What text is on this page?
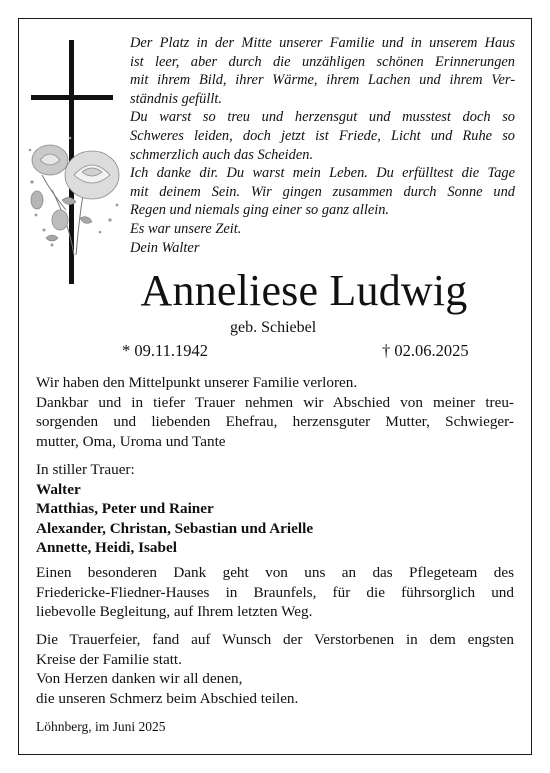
Der Platz in der Mitte unserer Familie und in unserem Haus
ist leer, aber durch die unzähligen schönen Erinnerungen
mit ihrem Bild, ihrer Wärme, ihrem Lachen und ihrem Ver-
ständnis gefüllt.
Du warst so treu und herzensgut und musstest doch so
Schweres leiden, doch jetzt ist Friede, Licht und Ruhe so
schmerzlich auch das Scheiden.
Ich danke dir. Du warst mein Leben. Du erfülltest die Tage
mit deinem Sein. Wir gingen zusammen durch Sonne und
Regen und niemals ging einer so ganz allein.
Es war unsere Zeit.
Dein Walter
Anneliese Ludwig
geb. Schiebel
* 09.11.1942	† 02.06.2025
Wir haben den Mittelpunkt unserer Familie verloren.
Dankbar und in tiefer Trauer nehmen wir Abschied von meiner treu-
sorgenden und liebenden Ehefrau, herzensguter Mutter, Schwieger-
mutter, Oma, Uroma und Tante
In stiller Trauer:
Walter
Matthias, Peter und Rainer
Alexander, Christan, Sebastian und Arielle
Annette, Heidi, Isabel
Einen besonderen Dank geht von uns an das Pflegeteam des
Friedericke-Fliedner-Hauses in Braunfels, für die führsorglich und
liebevolle Begleitung, auf Ihrem letzten Weg.
Die Trauerfeier, fand auf Wunsch der Verstorbenen in dem engsten
Kreise der Familie statt.
Von Herzen danken wir all denen,
die unseren Schmerz beim Abschied teilen.
Löhnberg, im Juni 2025
